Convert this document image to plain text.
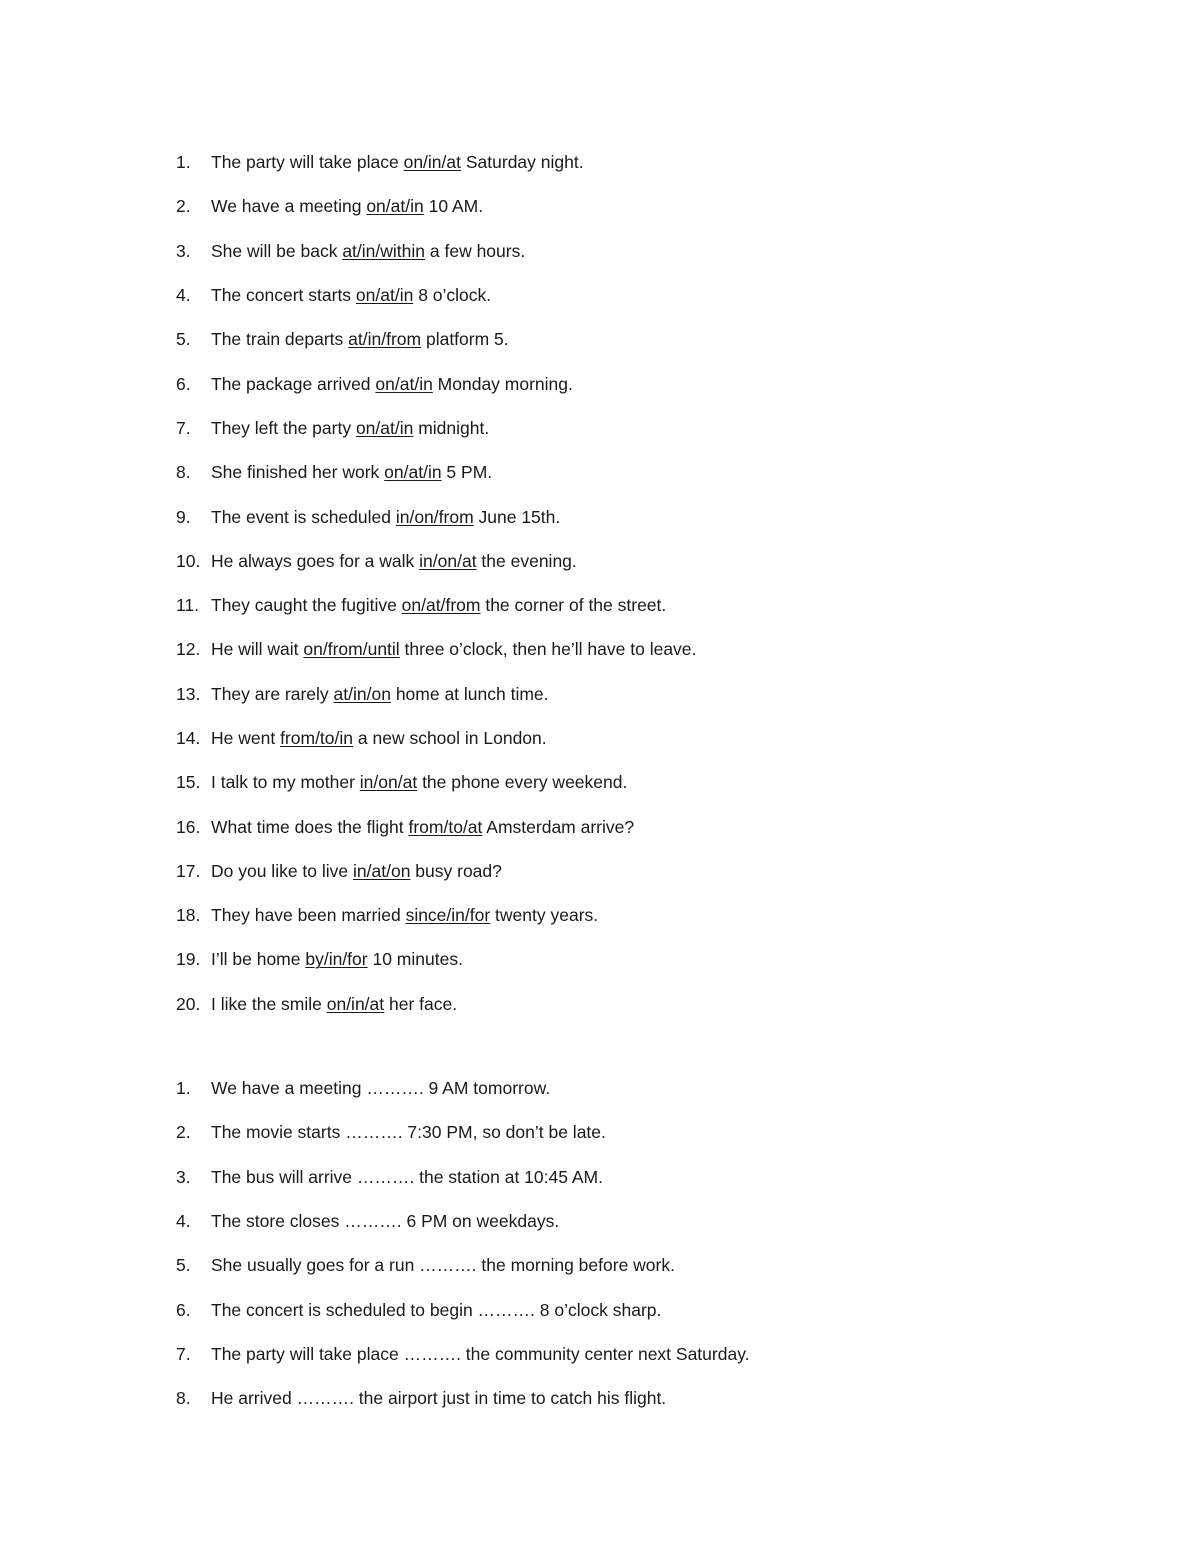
1.	The party will take place on/in/at Saturday night.
2.	We have a meeting on/at/in 10 AM.
3.	She will be back at/in/within a few hours.
4.	The concert starts on/at/in 8 o’clock.
5.	The train departs at/in/from platform 5.
6.	The package arrived on/at/in Monday morning.
7.	They left the party on/at/in midnight.
8.	She finished her work on/at/in 5 PM.
9.	The event is scheduled in/on/from June 15th.
10. He always goes for a walk in/on/at the evening.
11. They caught the fugitive on/at/from the corner of the street.
12. He will wait on/from/until three o’clock, then he’ll have to leave.
13. They are rarely at/in/on home at lunch time.
14. He went from/to/in a new school in London.
15. I talk to my mother in/on/at the phone every weekend.
16. What time does the flight from/to/at Amsterdam arrive?
17. Do you like to live in/at/on busy road?
18. They have been married since/in/for twenty years.
19. I’ll be home by/in/for 10 minutes.
20. I like the smile on/in/at her face.
1.	We have a meeting ………. 9 AM tomorrow.
2.	The movie starts ………. 7:30 PM, so don’t be late.
3.	The bus will arrive ………. the station at 10:45 AM.
4.	The store closes ………. 6 PM on weekdays.
5.	She usually goes for a run ………. the morning before work.
6.	The concert is scheduled to begin ………. 8 o’clock sharp.
7.	The party will take place ………. the community center next Saturday.
8.	He arrived ………. the airport just in time to catch his flight.
